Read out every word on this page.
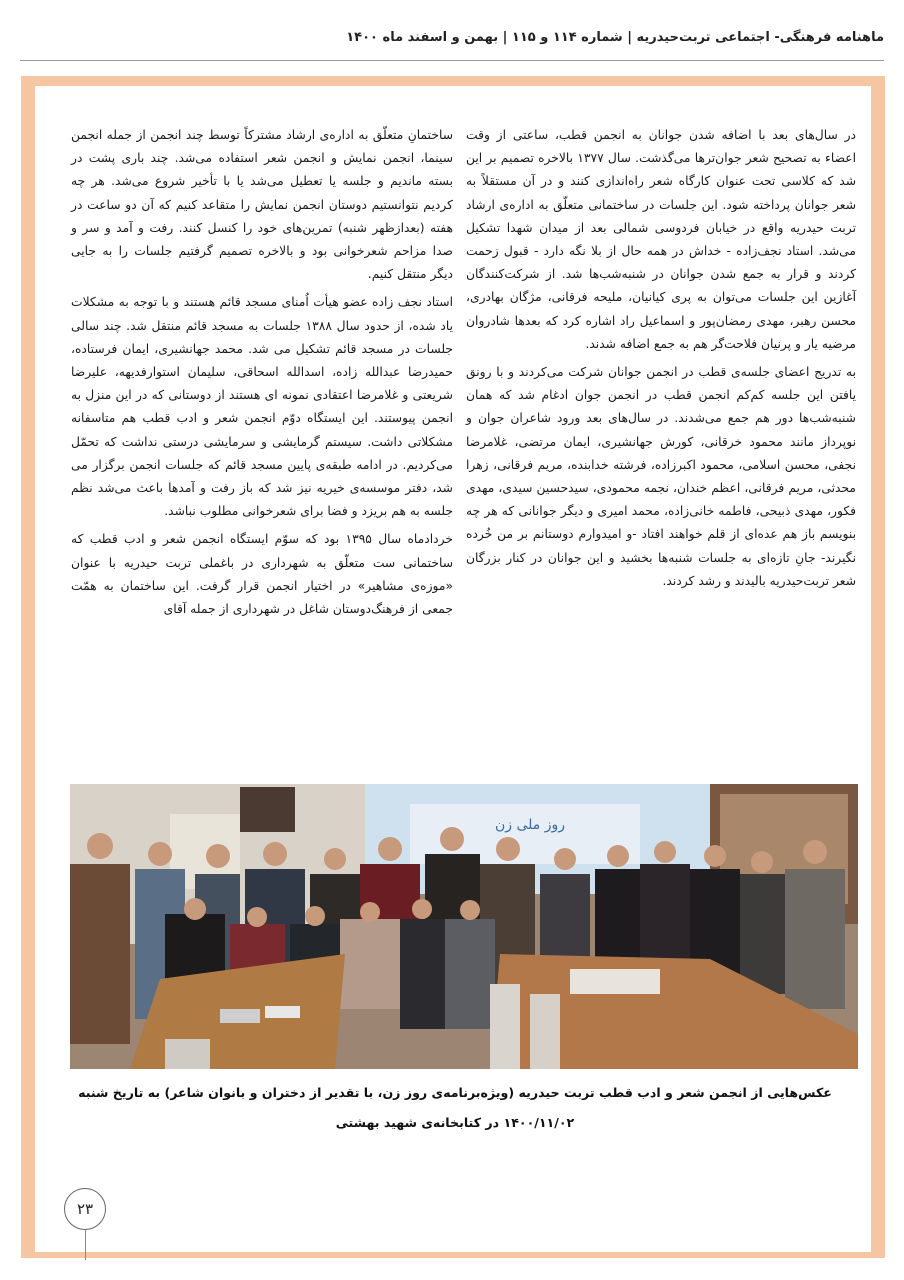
ماهنامه فرهنگی- اجتماعی تربت‌حیدریه | شماره ۱۱۴ و ۱۱۵ | بهمن و اسفند ماه ۱۴۰۰

در سال‌های بعد با اضافه شدن جوانان به انجمن قطب، ساعتی از وقت اعضاء به تصحیح شعر جوان‌ترها می‌گذشت. سال ۱۳۷۷ بالاخره تصمیم بر این شد که کلاسی تحت عنوان کارگاه شعر راه‌اندازی کنند و در آن مستقلاً به شعر جوانان پرداخته شود. این جلسات در ساختمانی متعلّق به اداره‌ی ارشاد تربت حیدریه واقع در خیابان فردوسی شمالی بعد از میدان شهدا تشکیل می‌شد. استاد نجف‌زاده - خداش در همه حال از بلا نگه دارد - قبول زحمت کردند و قرار به جمع شدن جوانان در شنبه‌شب‌ها شد. از شرکت‌کنندگان آغازین این جلسات می‌توان به پری کیانیان، ملیحه فرقانی، مژگان بهادری، محسن رهبر، مهدی رمضان‌پور و اسماعیل راد اشاره کرد که بعدها شادروان مرضیه یار و پرنیان فلاحت‌گر هم به جمع اضافه شدند.

به تدریج اعضای جلسه‌ی قطب در انجمن جوانان شرکت می‌کردند و با رونق یافتن این جلسه کم‌کم انجمن قطب در انجمن جوان ادغام شد که همان شنبه‌شب‌ها دور هم جمع می‌شدند. در سال‌های بعد ورود شاعران جوان و نوپرداز مانند محمود خرقانی، کورش جهانشیری، ایمان مرتضی، غلامرضا نجفی، محسن اسلامی، محمود اکبرزاده، فرشته خدابنده، مریم فرقانی، زهرا محدثی، مریم فرقانی، اعظم خندان، نجمه محمودی، سیدحسین سیدی، مهدی فکور، مهدی ذبیحی، فاطمه خانی‌زاده، محمد امیری و دیگر جوانانی که هر چه بنویسم باز هم عده‌ای از قلم خواهند افتاد -و امیدوارم دوستانم بر من خُرده نگیرند- جانِ تازه‌ای به جلسات شنبه‌ها بخشید و این جوانان در کنار بزرگان شعر تربت‌حیدریه بالیدند و رشد کردند.

ساختمانِ متعلّق به اداره‌ی ارشاد مشترکاً توسط چند انجمن از جمله انجمن سینما، انجمن نمایش و انجمن شعر استفاده می‌شد. چند باری پشت در بسته ماندیم و جلسه یا تعطیل می‌شد یا با تأخیر شروع می‌شد. هر چه کردیم نتوانستیم دوستان انجمن نمایش را متقاعد کنیم که آن دو ساعت در هفته (بعدازظهر شنبه) تمرین‌های خود را کنسل کنند. رفت و آمد و سر و صدا مزاحم شعرخوانی بود و بالاخره تصمیم گرفتیم جلسات را به جایی دیگر منتقل کنیم.

استاد نجف زاده عضو هیأت اُمنای مسجد قائم هستند و با توجه به مشکلات یاد شده، از حدود سال ۱۳۸۸ جلسات به مسجد قائم منتقل شد. چند سالی جلسات در مسجد قائم تشکیل می شد. محمد جهانشیری، ایمان فرستاده، حمیدرضا عبدالله زاده، اسدالله اسحاقی، سلیمان استوارفدیهه، علیرضا شریعتی و غلامرضا اعتقادی نمونه ای هستند از دوستانی که در این منزل به انجمن پیوستند. این ایستگاه دوّم انجمن شعر و ادب قطب هم متاسفانه مشکلاتی داشت. سیستم گرمایشی و سرمایشی درستی نداشت که تحمّل می‌کردیم. در ادامه طبقه‌ی پایین مسجد قائم که جلسات انجمن برگزار می شد، دفتر موسسه‌ی خیریه نیز شد که باز رفت و آمدها باعث می‌شد نظم جلسه به هم بریزد و فضا برای شعرخوانی مطلوب نباشد.

خردادماه سال ۱۳۹۵ بود که سوّم ایستگاه انجمن شعر و ادب قطب که ساختمانی ست متعلّق به شهرداری در باغملی تربت حیدریه با عنوان «موزه‌ی مشاهیر» در اختیار انجمن قرار گرفت. این ساختمان به همّت جمعی از فرهنگ‌دوستان شاغل در شهرداری از جمله آقای

روز ملی زن
عکس‌هایی از انجمن شعر و ادب قطب تربت حیدریه (ویژه‌برنامه‌ی روز زن، با تقدیر از دختران و بانوان شاعر) به تاریخ شنبه
۱۴۰۰/۱۱/۰۲ در کتابخانه‌ی شهید بهشتی
۲۳
